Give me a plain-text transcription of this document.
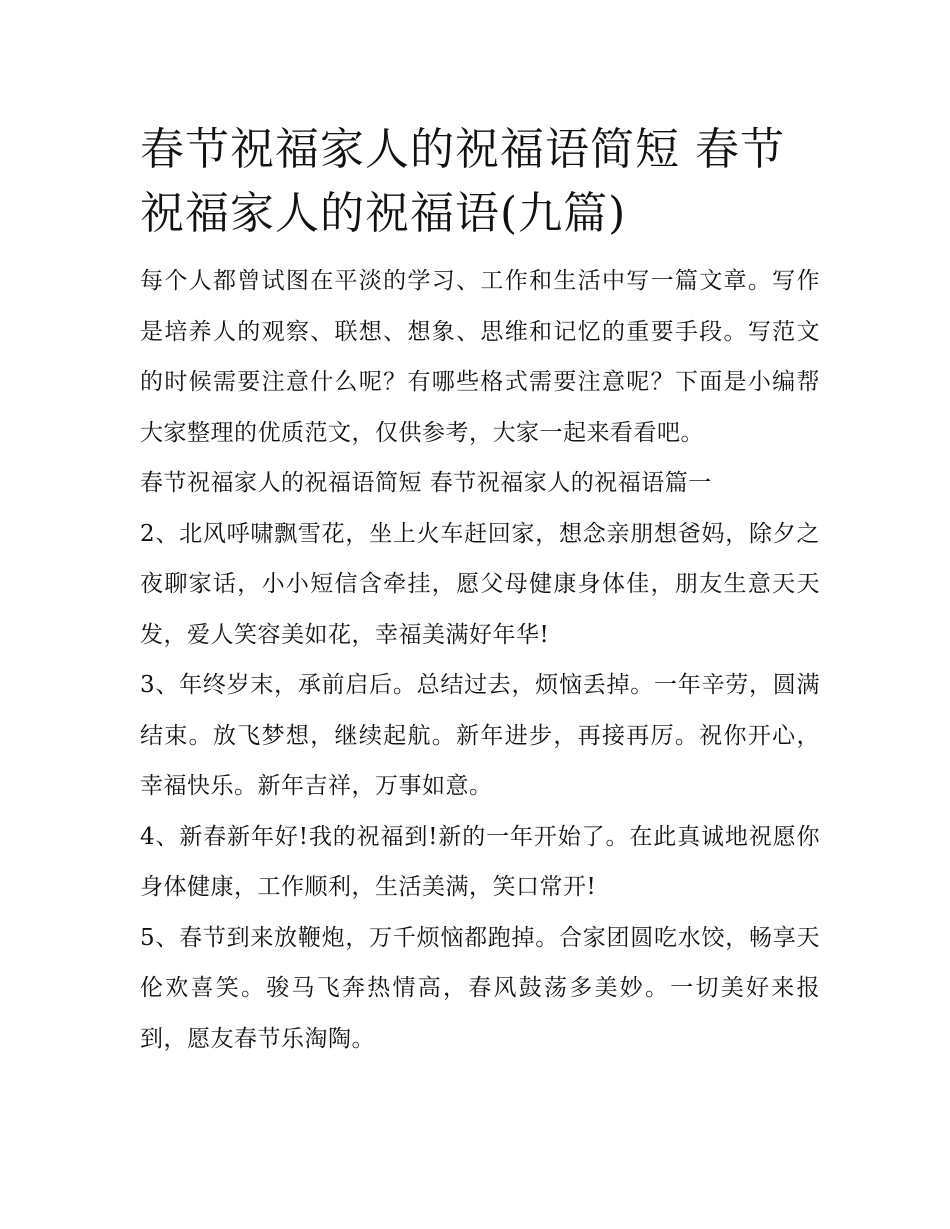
春节祝福家人的祝福语简短 春节祝福家人的祝福语(九篇)

每个人都曾试图在平淡的学习、工作和生活中写一篇文章。写作是培养人的观察、联想、想象、思维和记忆的重要手段。写范文的时候需要注意什么呢？有哪些格式需要注意呢？下面是小编帮大家整理的优质范文，仅供参考，大家一起来看看吧。

春节祝福家人的祝福语简短 春节祝福家人的祝福语篇一

2、北风呼啸飘雪花，坐上火车赶回家，想念亲朋想爸妈，除夕之夜聊家话，小小短信含牵挂，愿父母健康身体佳，朋友生意天天发，爱人笑容美如花，幸福美满好年华!

3、年终岁末，承前启后。总结过去，烦恼丢掉。一年辛劳，圆满结束。放飞梦想，继续起航。新年进步，再接再厉。祝你开心，幸福快乐。新年吉祥，万事如意。

4、新春新年好!我的祝福到!新的一年开始了。在此真诚地祝愿你身体健康，工作顺利，生活美满，笑口常开!

5、春节到来放鞭炮，万千烦恼都跑掉。合家团圆吃水饺，畅享天伦欢喜笑。骏马飞奔热情高，春风鼓荡多美妙。一切美好来报到，愿友春节乐淘陶。
